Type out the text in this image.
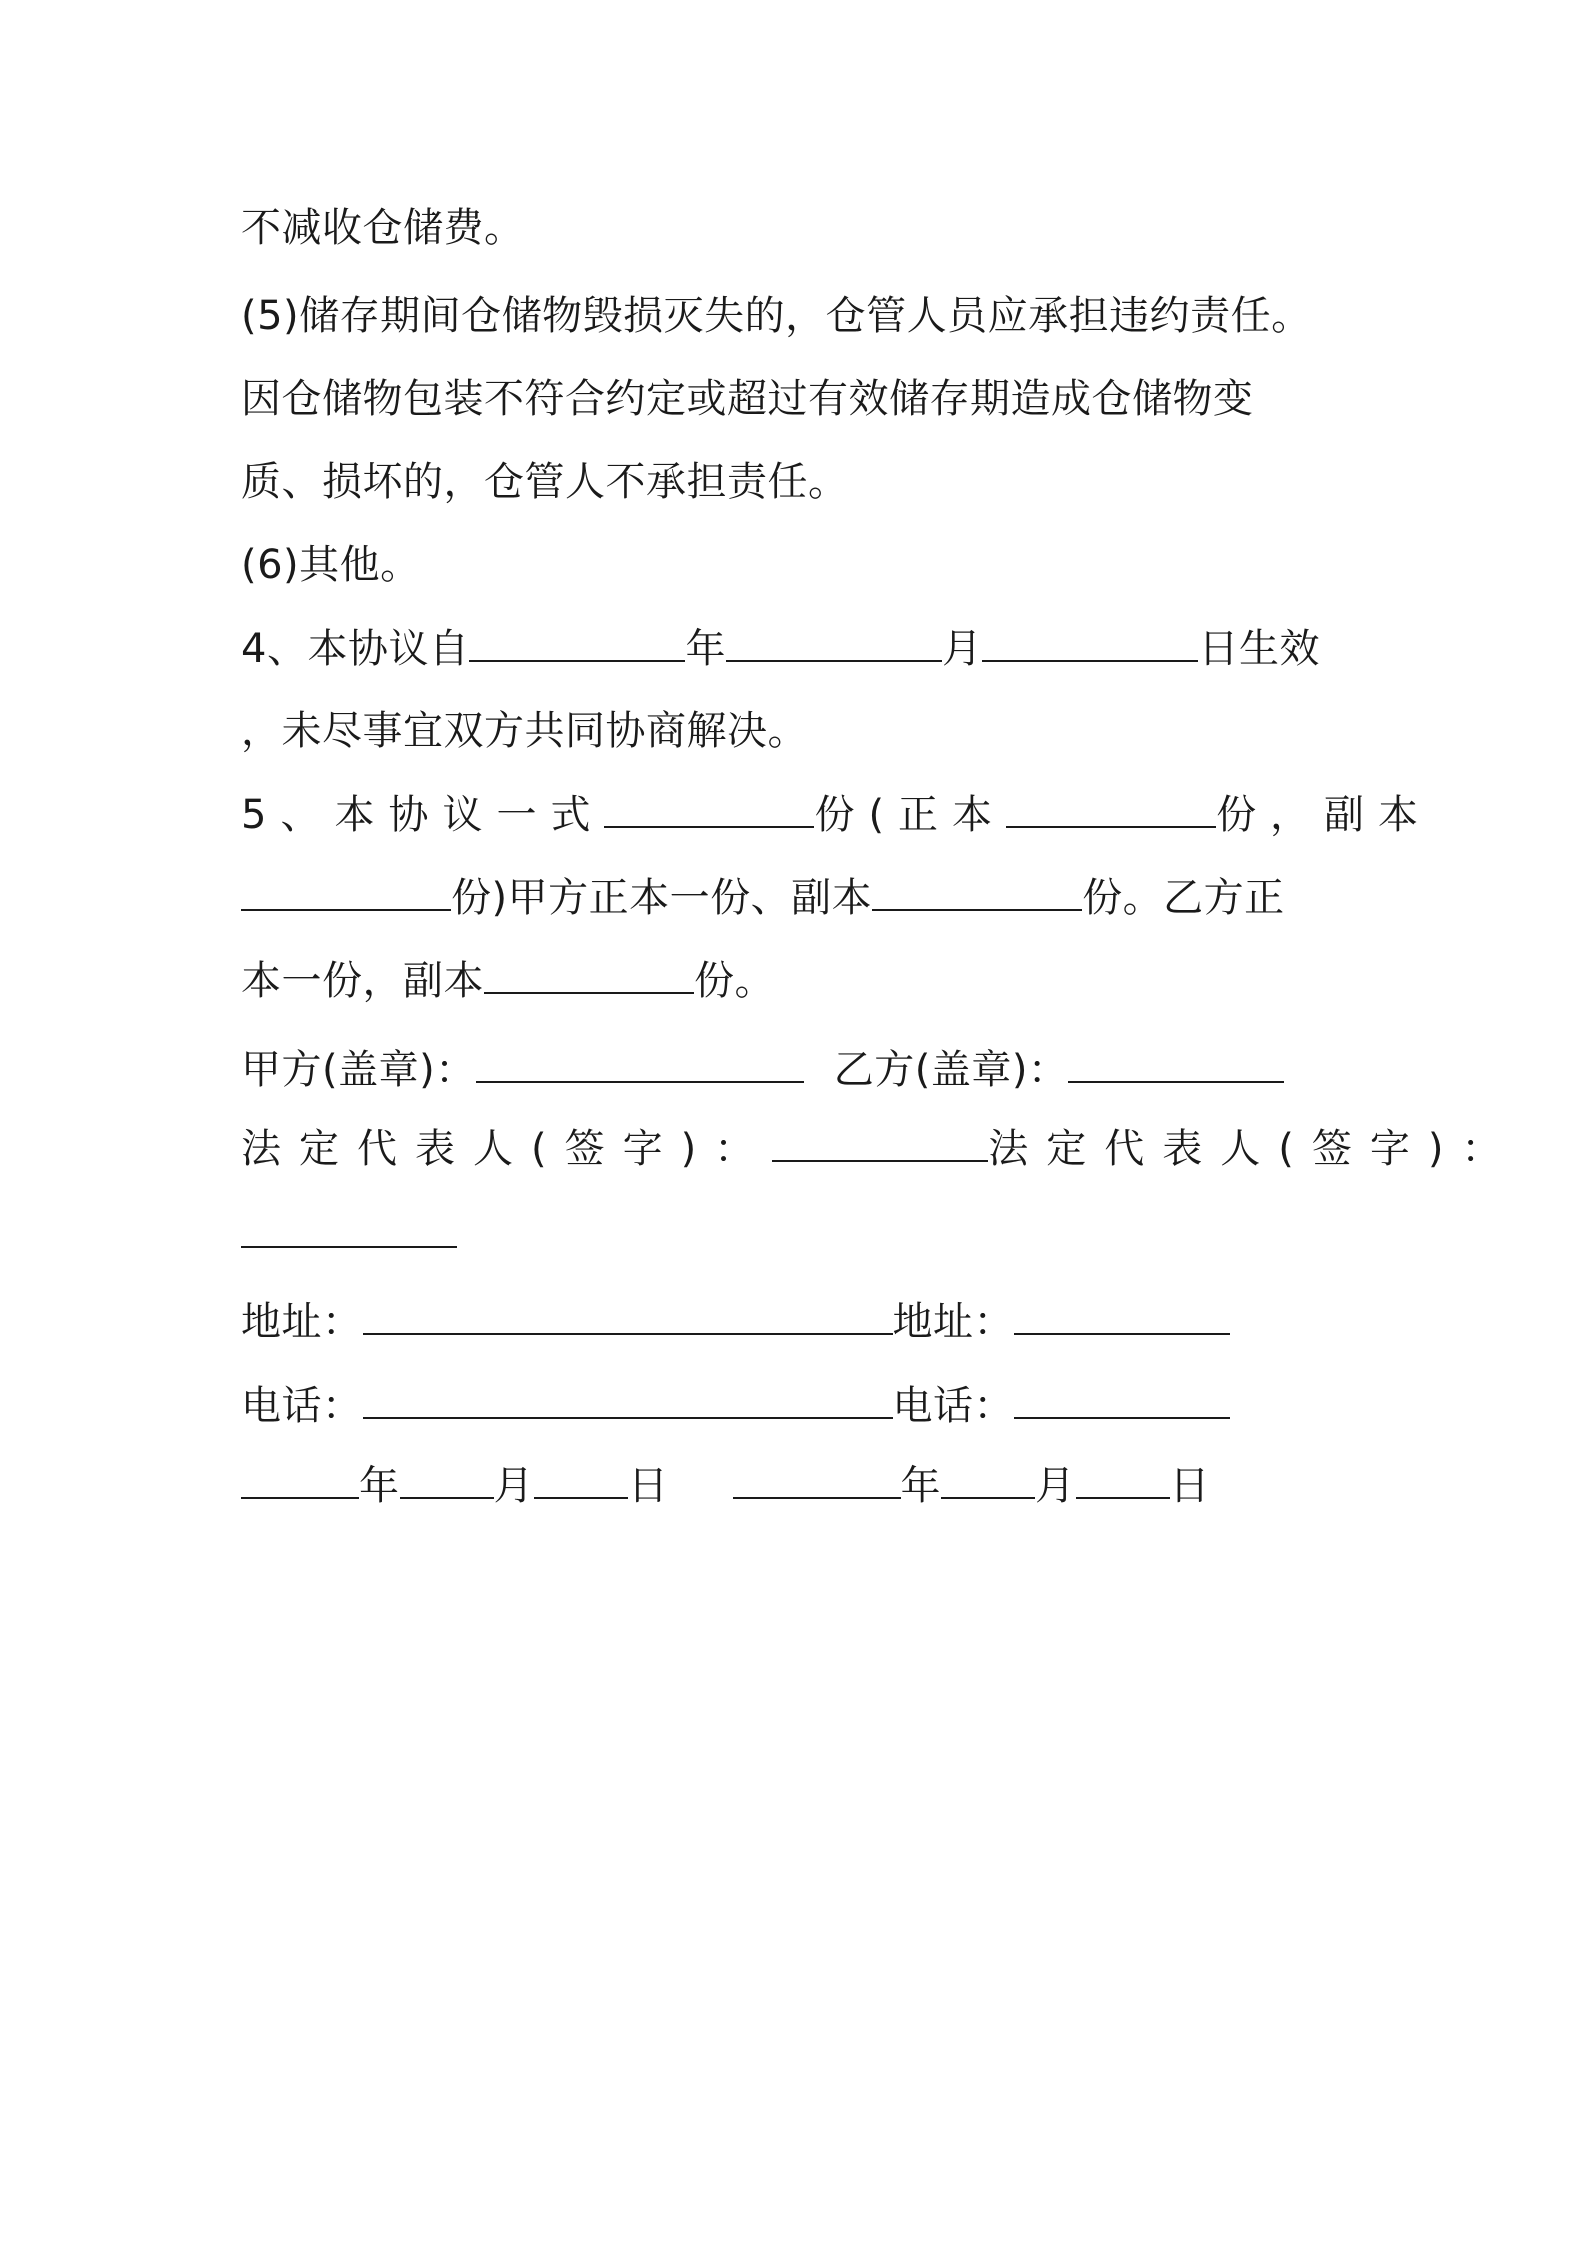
不减收仓储费。
(5)储存期间仓储物毁损灭失的，仓管人员应承担违约责任。
因仓储物包装不符合约定或超过有效储存期造成仓储物变
质、损坏的，仓管人不承担责任。
(6)其他。
4、本协议自	年	月	日生效
，未尽事宜双方共同协商解决。
5、本协议一式	份(正本	份，副本
份)甲方正本一份、副本	份。乙方正
本一份，副本	份。
甲方(盖章)：	乙方(盖章)：
法定代表人(签字)：	法定代表人(签字)：
地址：	地址：
电话：	电话：
年 月 日	年 月 日
